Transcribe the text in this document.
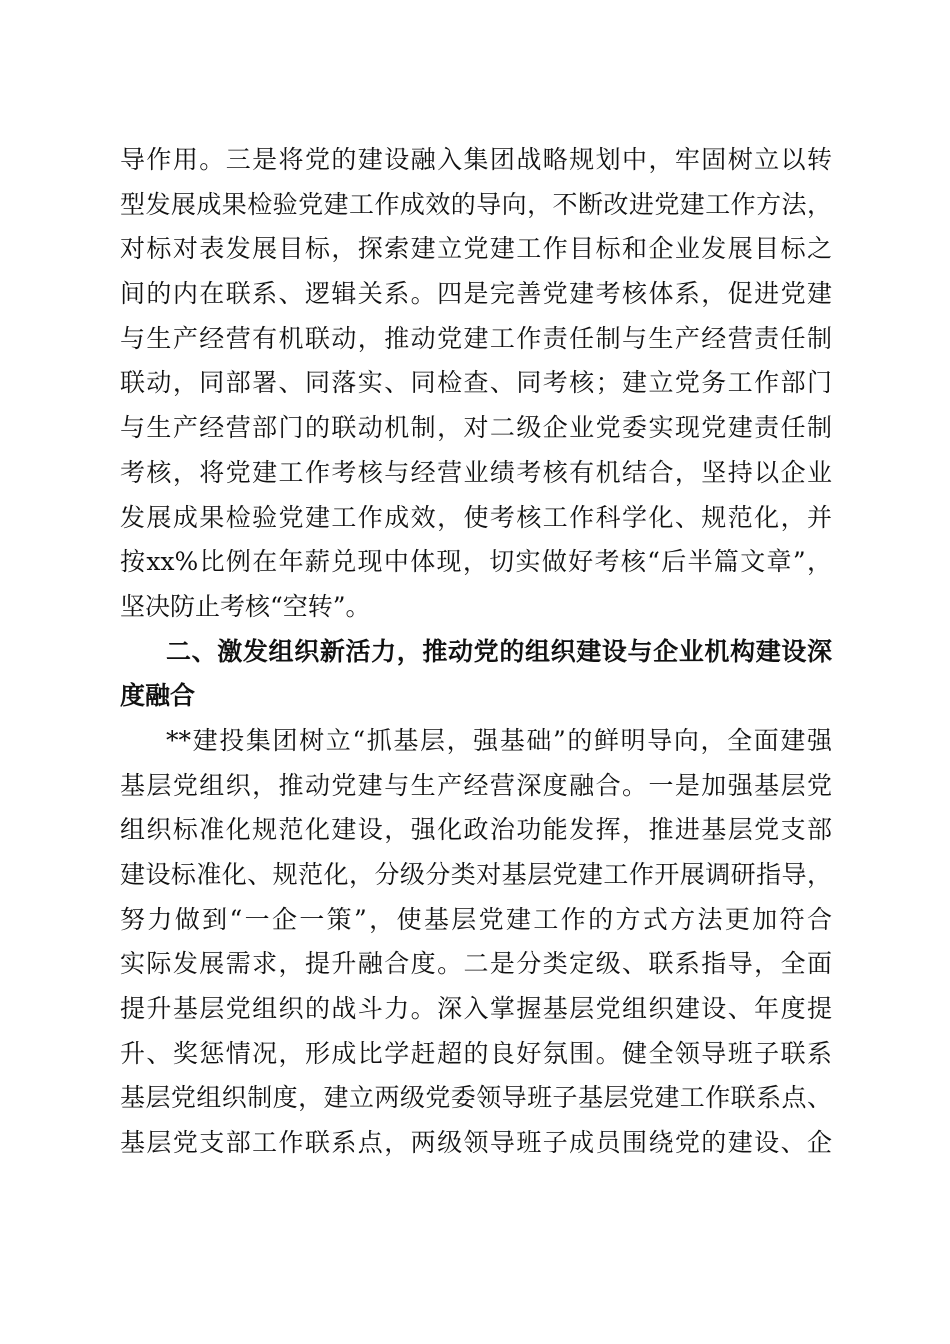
导作用。三是将党的建设融入集团战略规划中，牢固树立以转
型发展成果检验党建工作成效的导向，不断改进党建工作方法，
对标对表发展目标，探索建立党建工作目标和企业发展目标之
间的内在联系、逻辑关系。四是完善党建考核体系，促进党建
与生产经营有机联动，推动党建工作责任制与生产经营责任制
联动，同部署、同落实、同检查、同考核；建立党务工作部门
与生产经营部门的联动机制，对二级企业党委实现党建责任制
考核，将党建工作考核与经营业绩考核有机结合，坚持以企业
发展成果检验党建工作成效，使考核工作科学化、规范化，并
按xx%比例在年薪兑现中体现，切实做好考核“后半篇文章”，
坚决防止考核“空转”。
二、激发组织新活力，推动党的组织建设与企业机构建设深
度融合
**建投集团树立“抓基层，强基础”的鲜明导向，全面建强
基层党组织，推动党建与生产经营深度融合。一是加强基层党
组织标准化规范化建设，强化政治功能发挥，推进基层党支部
建设标准化、规范化，分级分类对基层党建工作开展调研指导，
努力做到“一企一策”，使基层党建工作的方式方法更加符合
实际发展需求，提升融合度。二是分类定级、联系指导，全面
提升基层党组织的战斗力。深入掌握基层党组织建设、年度提
升、奖惩情况，形成比学赶超的良好氛围。健全领导班子联系
基层党组织制度，建立两级党委领导班子基层党建工作联系点、
基层党支部工作联系点，两级领导班子成员围绕党的建设、企
